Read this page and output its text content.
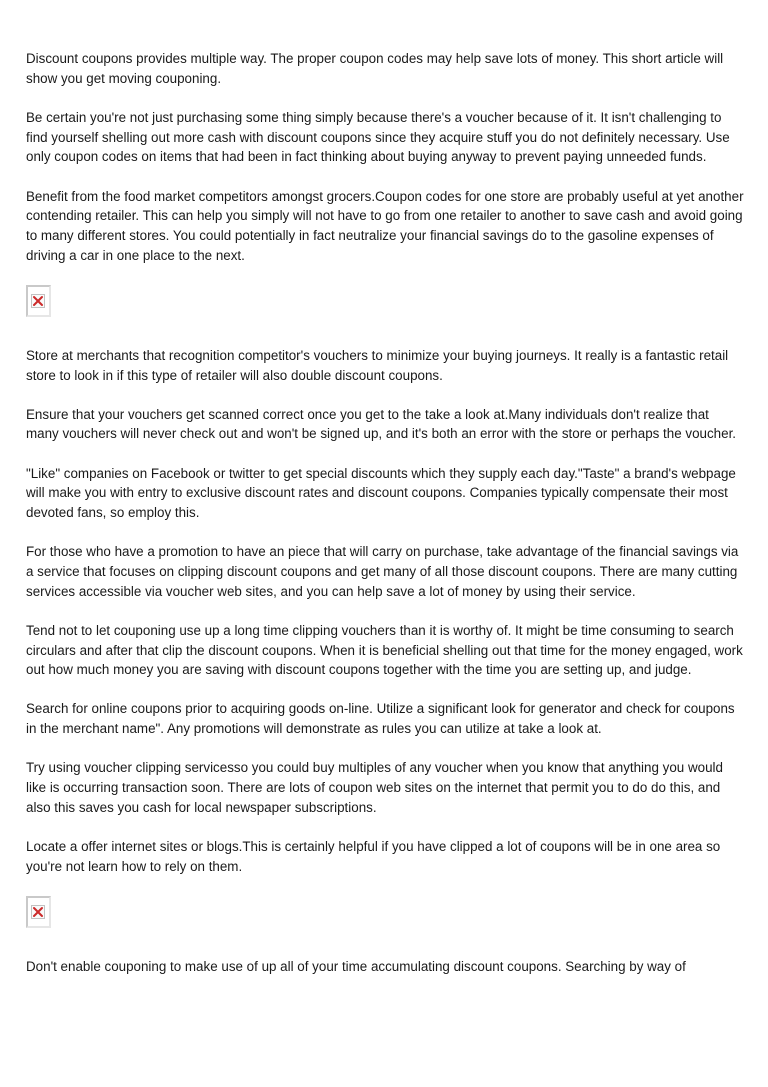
Discount coupons provides multiple way. The proper coupon codes may help save lots of money. This short article will show you get moving couponing.

Be certain you're not just purchasing some thing simply because there's a voucher because of it. It isn't challenging to find yourself shelling out more cash with discount coupons since they acquire stuff you do not definitely necessary. Use only coupon codes on items that had been in fact thinking about buying anyway to prevent paying unneeded funds.

Benefit from the food market competitors amongst grocers.Coupon codes for one store are probably useful at yet another contending retailer. This can help you simply will not have to go from one retailer to another to save cash and avoid going to many different stores. You could potentially in fact neutralize your financial savings do to the gasoline expenses of driving a car in one place to the next.

Store at merchants that recognition competitor's vouchers to minimize your buying journeys. It really is a fantastic retail store to look in if this type of retailer will also double discount coupons.

Ensure that your vouchers get scanned correct once you get to the take a look at.Many individuals don't realize that many vouchers will never check out and won't be signed up, and it's both an error with the store or perhaps the voucher.

"Like" companies on Facebook or twitter to get special discounts which they supply each day."Taste" a brand's webpage will make you with entry to exclusive discount rates and discount coupons. Companies typically compensate their most devoted fans, so employ this.

For those who have a promotion to have an piece that will carry on purchase, take advantage of the financial savings via a service that focuses on clipping discount coupons and get many of all those discount coupons. There are many cutting services accessible via voucher web sites, and you can help save a lot of money by using their service.

Tend not to let couponing use up a long time clipping vouchers than it is worthy of. It might be time consuming to search circulars and after that clip the discount coupons. When it is beneficial shelling out that time for the money engaged, work out how much money you are saving with discount coupons together with the time you are setting up, and judge.

Search for online coupons prior to acquiring goods on-line. Utilize a significant look for generator and check for coupons in the merchant name". Any promotions will demonstrate as rules you can utilize at take a look at.

Try using voucher clipping servicesso you could buy multiples of any voucher when you know that anything you would like is occurring transaction soon. There are lots of coupon web sites on the internet that permit you to do do this, and also this saves you cash for local newspaper subscriptions.

Locate a offer internet sites or blogs.This is certainly helpful if you have clipped a lot of coupons will be in one area so you're not learn how to rely on them.

Don't enable couponing to make use of up all of your time accumulating discount coupons. Searching by way of
